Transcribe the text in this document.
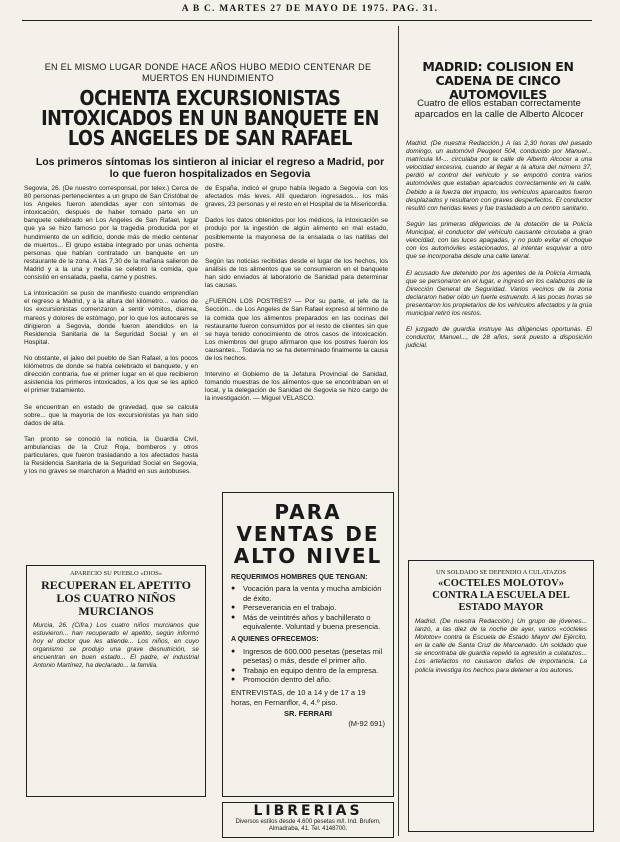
A B C. MARTES 27 DE MAYO DE 1975. PAG. 31.
EN EL MISMO LUGAR DONDE HACE AÑOS HUBO MEDIO CENTENAR DE MUERTOS EN HUNDIMIENTO
OCHENTA EXCURSIONISTAS INTOXICADOS EN UN BANQUETE EN LOS ANGELES DE SAN RAFAEL
Los primeros síntomas los sintieron al iniciar el regreso a Madrid, por lo que fueron hospitalizados en Segovia
Segovia, 26. (De nuestro corresponsal, por telex.) Cerca de 80 personas pertenecientes a un grupo de San Cristóbal de los Angeles fueron atendidas ayer con síntomas de intoxicación, después de haber tomado parte en un banquete celebrado en Los Angeles de San Rafael, lugar que ya se hizo famoso por la tragedia producida por el hundimiento de un edificio, donde más de medio centenar de muertos... El grupo estaba integrado por unas ochenta personas que habían contratado un banquete en un restaurante de la zona. A las 7,30 de la mañana salieron de Madrid y a la una y media se celebró la comida, que consistió en ensalada, paella, carne y postres.

La intoxicación se puso de manifiesto cuando emprendían el regreso a Madrid, y a la altura del kilómetro... varios de los excursionistas comenzaron a sentir vómitos, diarrea, mareos y dolores de estómago, por lo que los autocares se dirigieron a Segovia, donde fueron atendidos en la Residencia Sanitaria de la Seguridad Social y en el Hospital.

No obstante, el jaleo del pueblo de San Rafael, a los pocos kilómetros de donde se había celebrado el banquete, y en dirección contraria, fue el primer lugar en el que recibieron asistencia los primeros intoxicados, a los que se les aplicó el primer tratamiento.

Se encuentran en estado de gravedad, que se calcula sobre... que la mayoría de los excursionistas ya han sido dados de alta.

Tan pronto se conoció la noticia, la Guardia Civil, ambulancias de la Cruz Roja, bomberos y otros particulares, que fueron trasladando a los afectados hasta la Residencia Sanitaria de la Seguridad Social en Segovia, y los no graves se marcharon a Madrid en sus autobuses.
de España, indicó el grupo había llegado a Segovia con los afectados más leves. Allí quedaron ingresados... los más graves, 23 personas y el resto en el Hospital de la Misericordia.

Dados los datos obtenidos por los médicos, la intoxicación se produjo por la ingestión de algún alimento en mal estado, posiblemente la mayonesa de la ensalada o las natillas del postre.

Según las noticias recibidas desde el lugar de los hechos, los análisis de los alimentos que se consumieron en el banquete han sido enviados al laboratorio de Sanidad para determinar las causas.

¿FUERON LOS POSTRES? — Por su parte, el jefe de la Sección... de Los Angeles de San Rafael expresó al término de la comida que los alimentos preparados en las cocinas del restaurante fueron consumidos por el resto de clientes sin que se haya tenido conocimiento de otros casos de intoxicación. Los miembros del grupo afirmaron que los postres fueron los causantes... Todavía no se ha determinado finalmente la causa de los hechos.

Intervino el Gobierno de la Jefatura Provincial de Sanidad, tomando muestras de los alimentos que se encontraban en el local, y la delegación de Sanidad de Segovia se hizo cargo de la investigación. — Miguel VELASCO.
PARA VENTAS DE ALTO NIVEL
REQUERIMOS HOMBRES QUE TENGAN:
● Vocación para la venta y mucha ambición de éxito.
● Perseverancia en el trabajo.
● Más de veintitrés años y bachillerato o equivalente. Voluntad y buena presencia.
A QUIENES OFRECEMOS:
● Ingresos de 600.000 pesetas (pesetas mil pesetas) o más, desde el primer año.
● Trabajo en equipo dentro de la empresa.
● Promoción dentro del año.
ENTREVISTAS, de 10 a 14 y de 17 a 19 horas, en Fernanflor, 4, 4.º piso.
SR. FERRARI
(M-92 691)
APARECIO SU PUEBLO «DIOS»
RECUPERAN EL APETITO LOS CUATRO NIÑOS MURCIANOS
Murcia, 26. (Cifra.) Los cuatro niños murcianos que estuvieron... han recuperado el apetito, según informó hoy el doctor que les atiende... Los niños, en cuyo organismo se produjo una grave desnutrición, se encuentran en buen estado... El padre, el industrial Antonio Martínez, ha declarado... la familia.
LIBRERIAS
Diversos estilos desde 4.600 pesetas m/l. Ind. Brufem, Almadraba, 41. Tel. 4148700.
MADRID: COLISION EN CADENA DE CINCO AUTOMOVILES
Cuatro de ellos estaban correctamente aparcados en la calle de Alberto Alcocer
Madrid. (De nuestra Redacción.) A las 2,30 horas del pasado domingo, un automóvil Peugeot 504, conducido por Manuel... matrícula M-... circulaba por la calle de Alberto Alcocer a una velocidad excesiva, cuando al llegar a la altura del número 37, perdió el control del vehículo y se empotró contra varios automóviles que estaban aparcados correctamente en la calle. Debido a la fuerza del impacto, los vehículos aparcados fueron desplazados y resultaron con graves desperfectos. El conductor resultó con heridas leves y fue trasladado a un centro sanitario.

Según las primeras diligencias de la dotación de la Policía Municipal, el conductor del vehículo causante circulaba a gran velocidad, con las luces apagadas, y no pudo evitar el choque con los automóviles estacionados, al intentar esquivar a otro que se incorporaba desde una calle lateral.

El acusado fue detenido por los agentes de la Policía Armada, que se personaron en el lugar, e ingresó en los calabozos de la Dirección General de Seguridad. Varios vecinos de la zona declararon haber oído un fuerte estruendo. A las pocas horas se presentaron los propietarios de los vehículos afectados y la grúa municipal retiró los restos.

El juzgado de guardia instruye las diligencias oportunas. El conductor, Manuel..., de 28 años, será puesto a disposición judicial.
UN SOLDADO SE DEFENDIO A CULATAZOS
«COCTELES MOLOTOV» CONTRA LA ESCUELA DEL ESTADO MAYOR
Madrid. (De nuestra Redacción.) Un grupo de jóvenes... lanzó, a las diez de la noche de ayer, varios «cócteles Molotov» contra la Escuela de Estado Mayor del Ejército, en la calle de Santa Cruz de Marcenado. Un soldado que se encontraba de guardia repelió la agresión a culatazos... Los artefactos no causaron daños de importancia. La policía investiga los hechos para detener a los autores.
